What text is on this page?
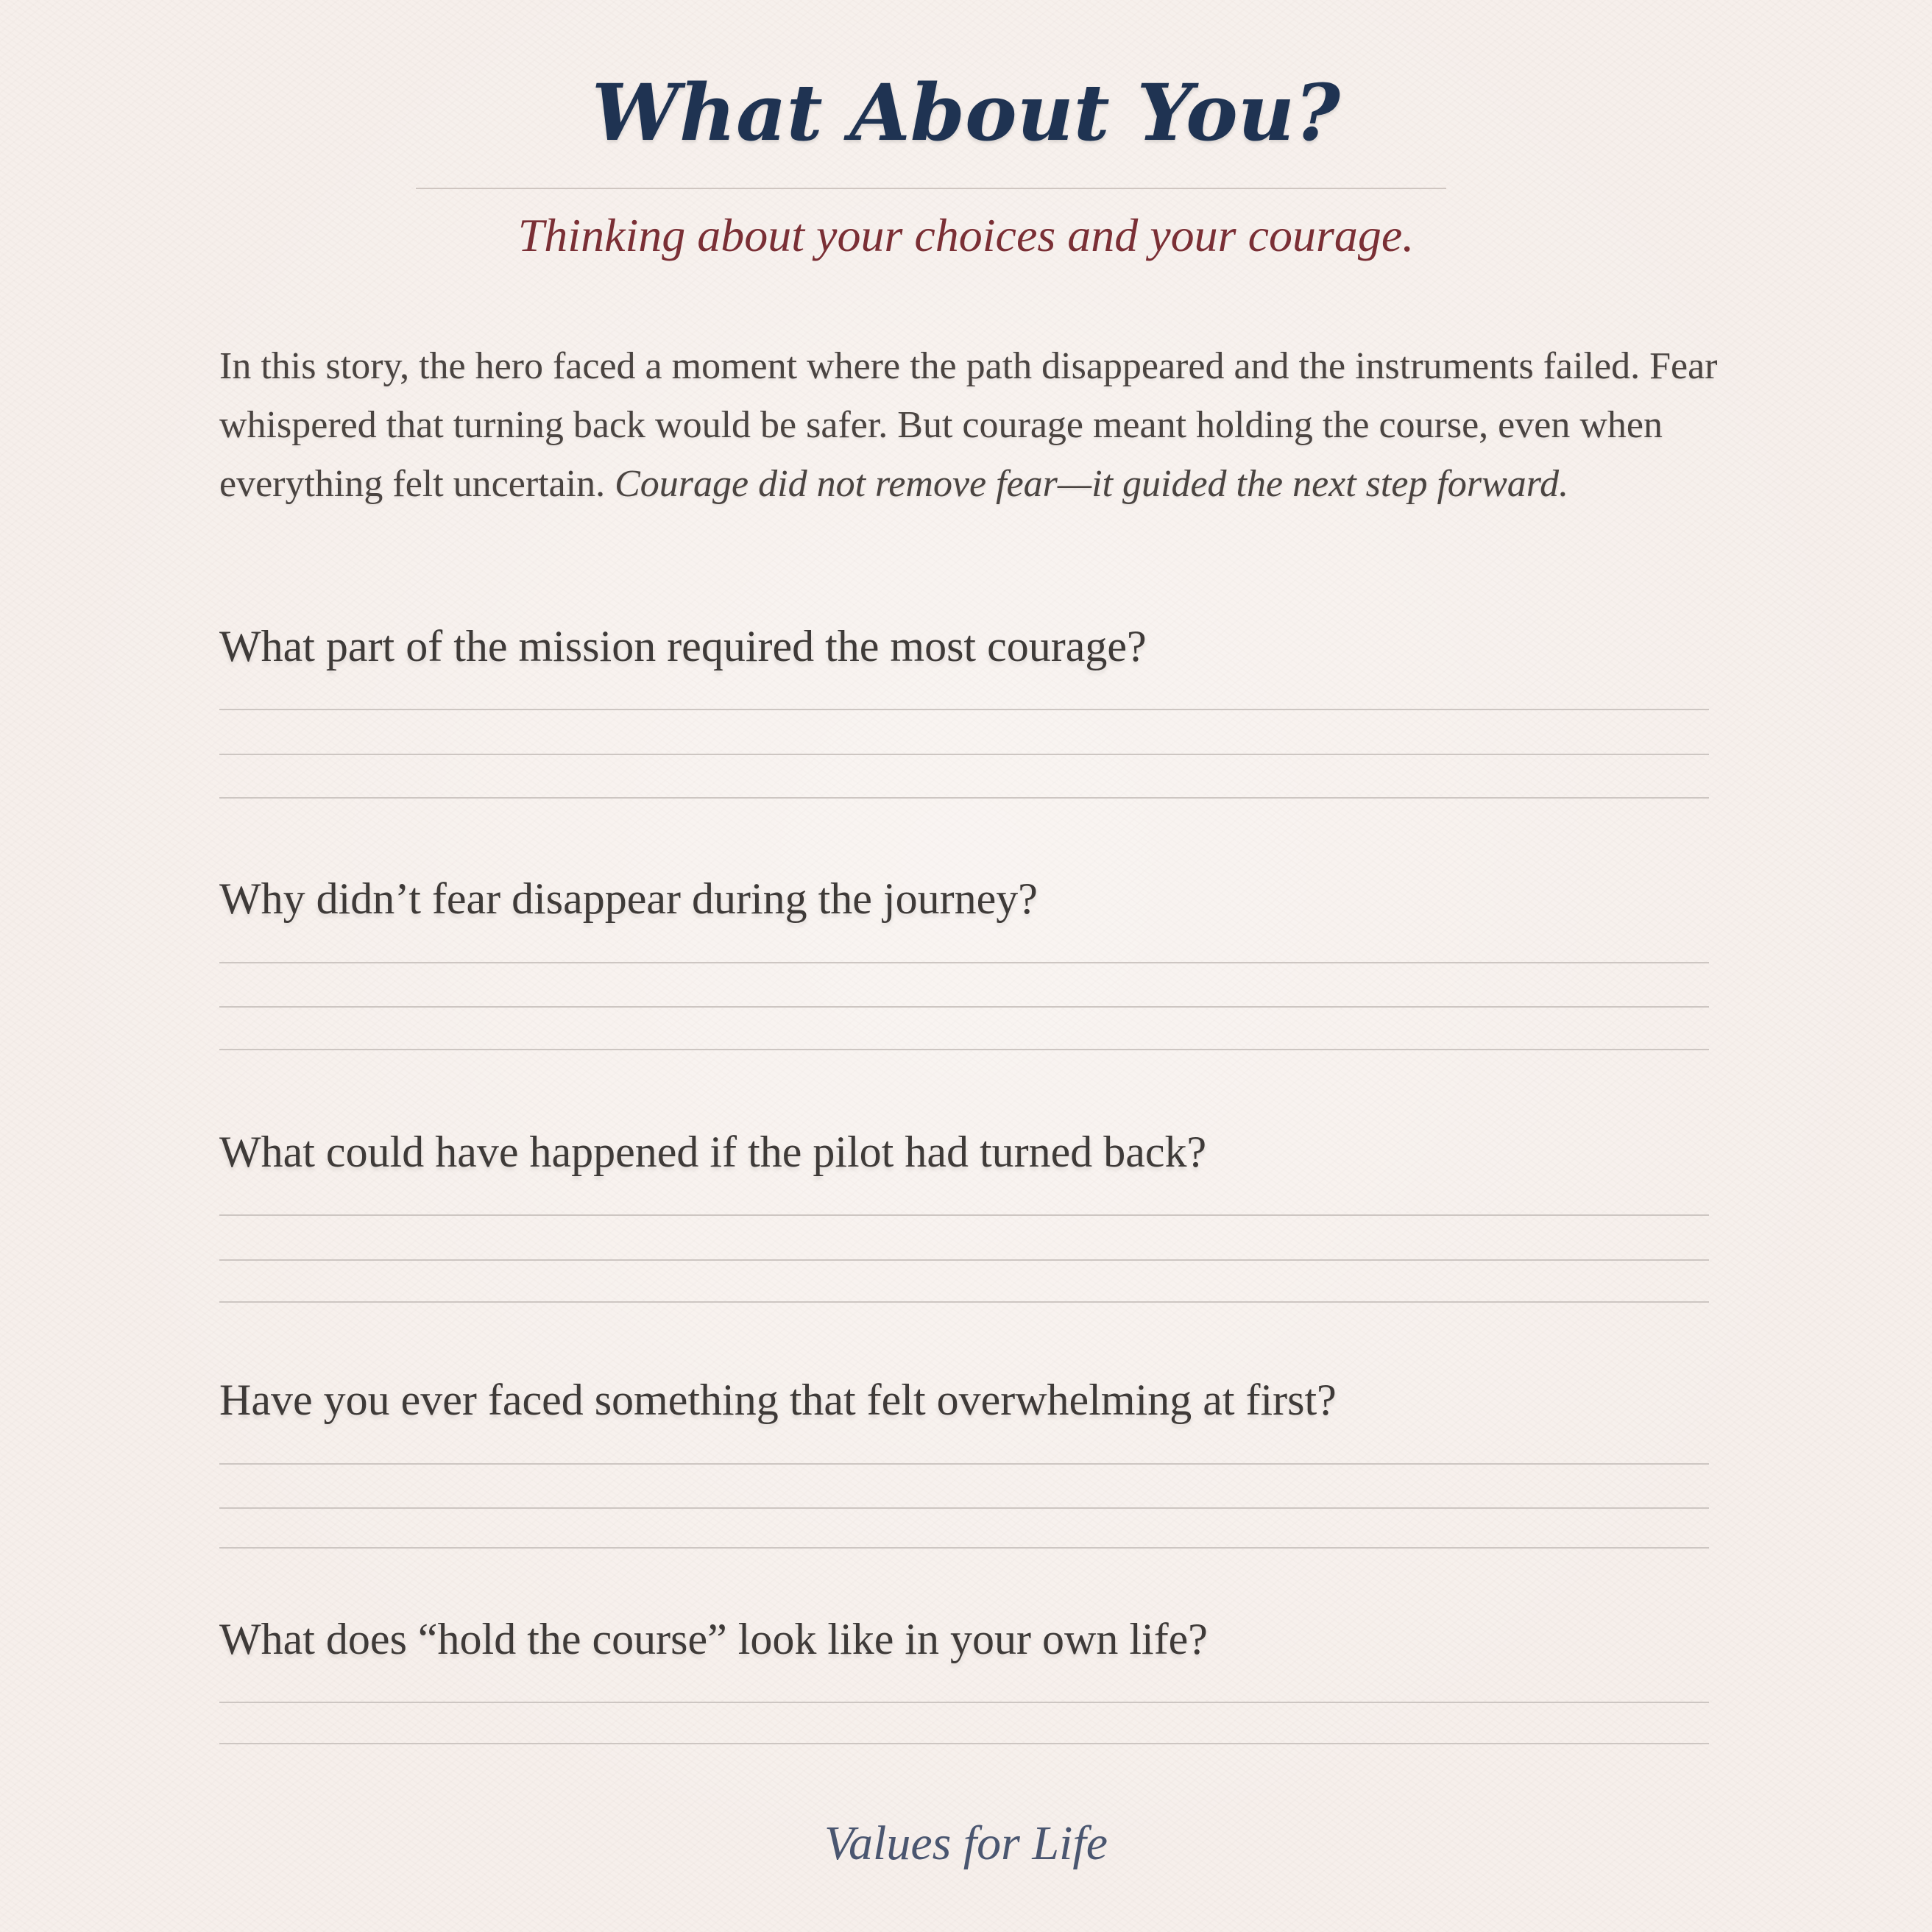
What About You?
Thinking about your choices and your courage.

In this story, the hero faced a moment where the path disappeared and the instruments failed. Fear whispered that turning back would be safer. But courage meant holding the course, even when everything felt uncertain. Courage did not remove fear—it guided the next step forward.

What part of the mission required the most courage?

Why didn’t fear disappear during the journey?

What could have happened if the pilot had turned back?

Have you ever faced something that felt overwhelming at first?

What does “hold the course” look like in your own life?

Values for Life
